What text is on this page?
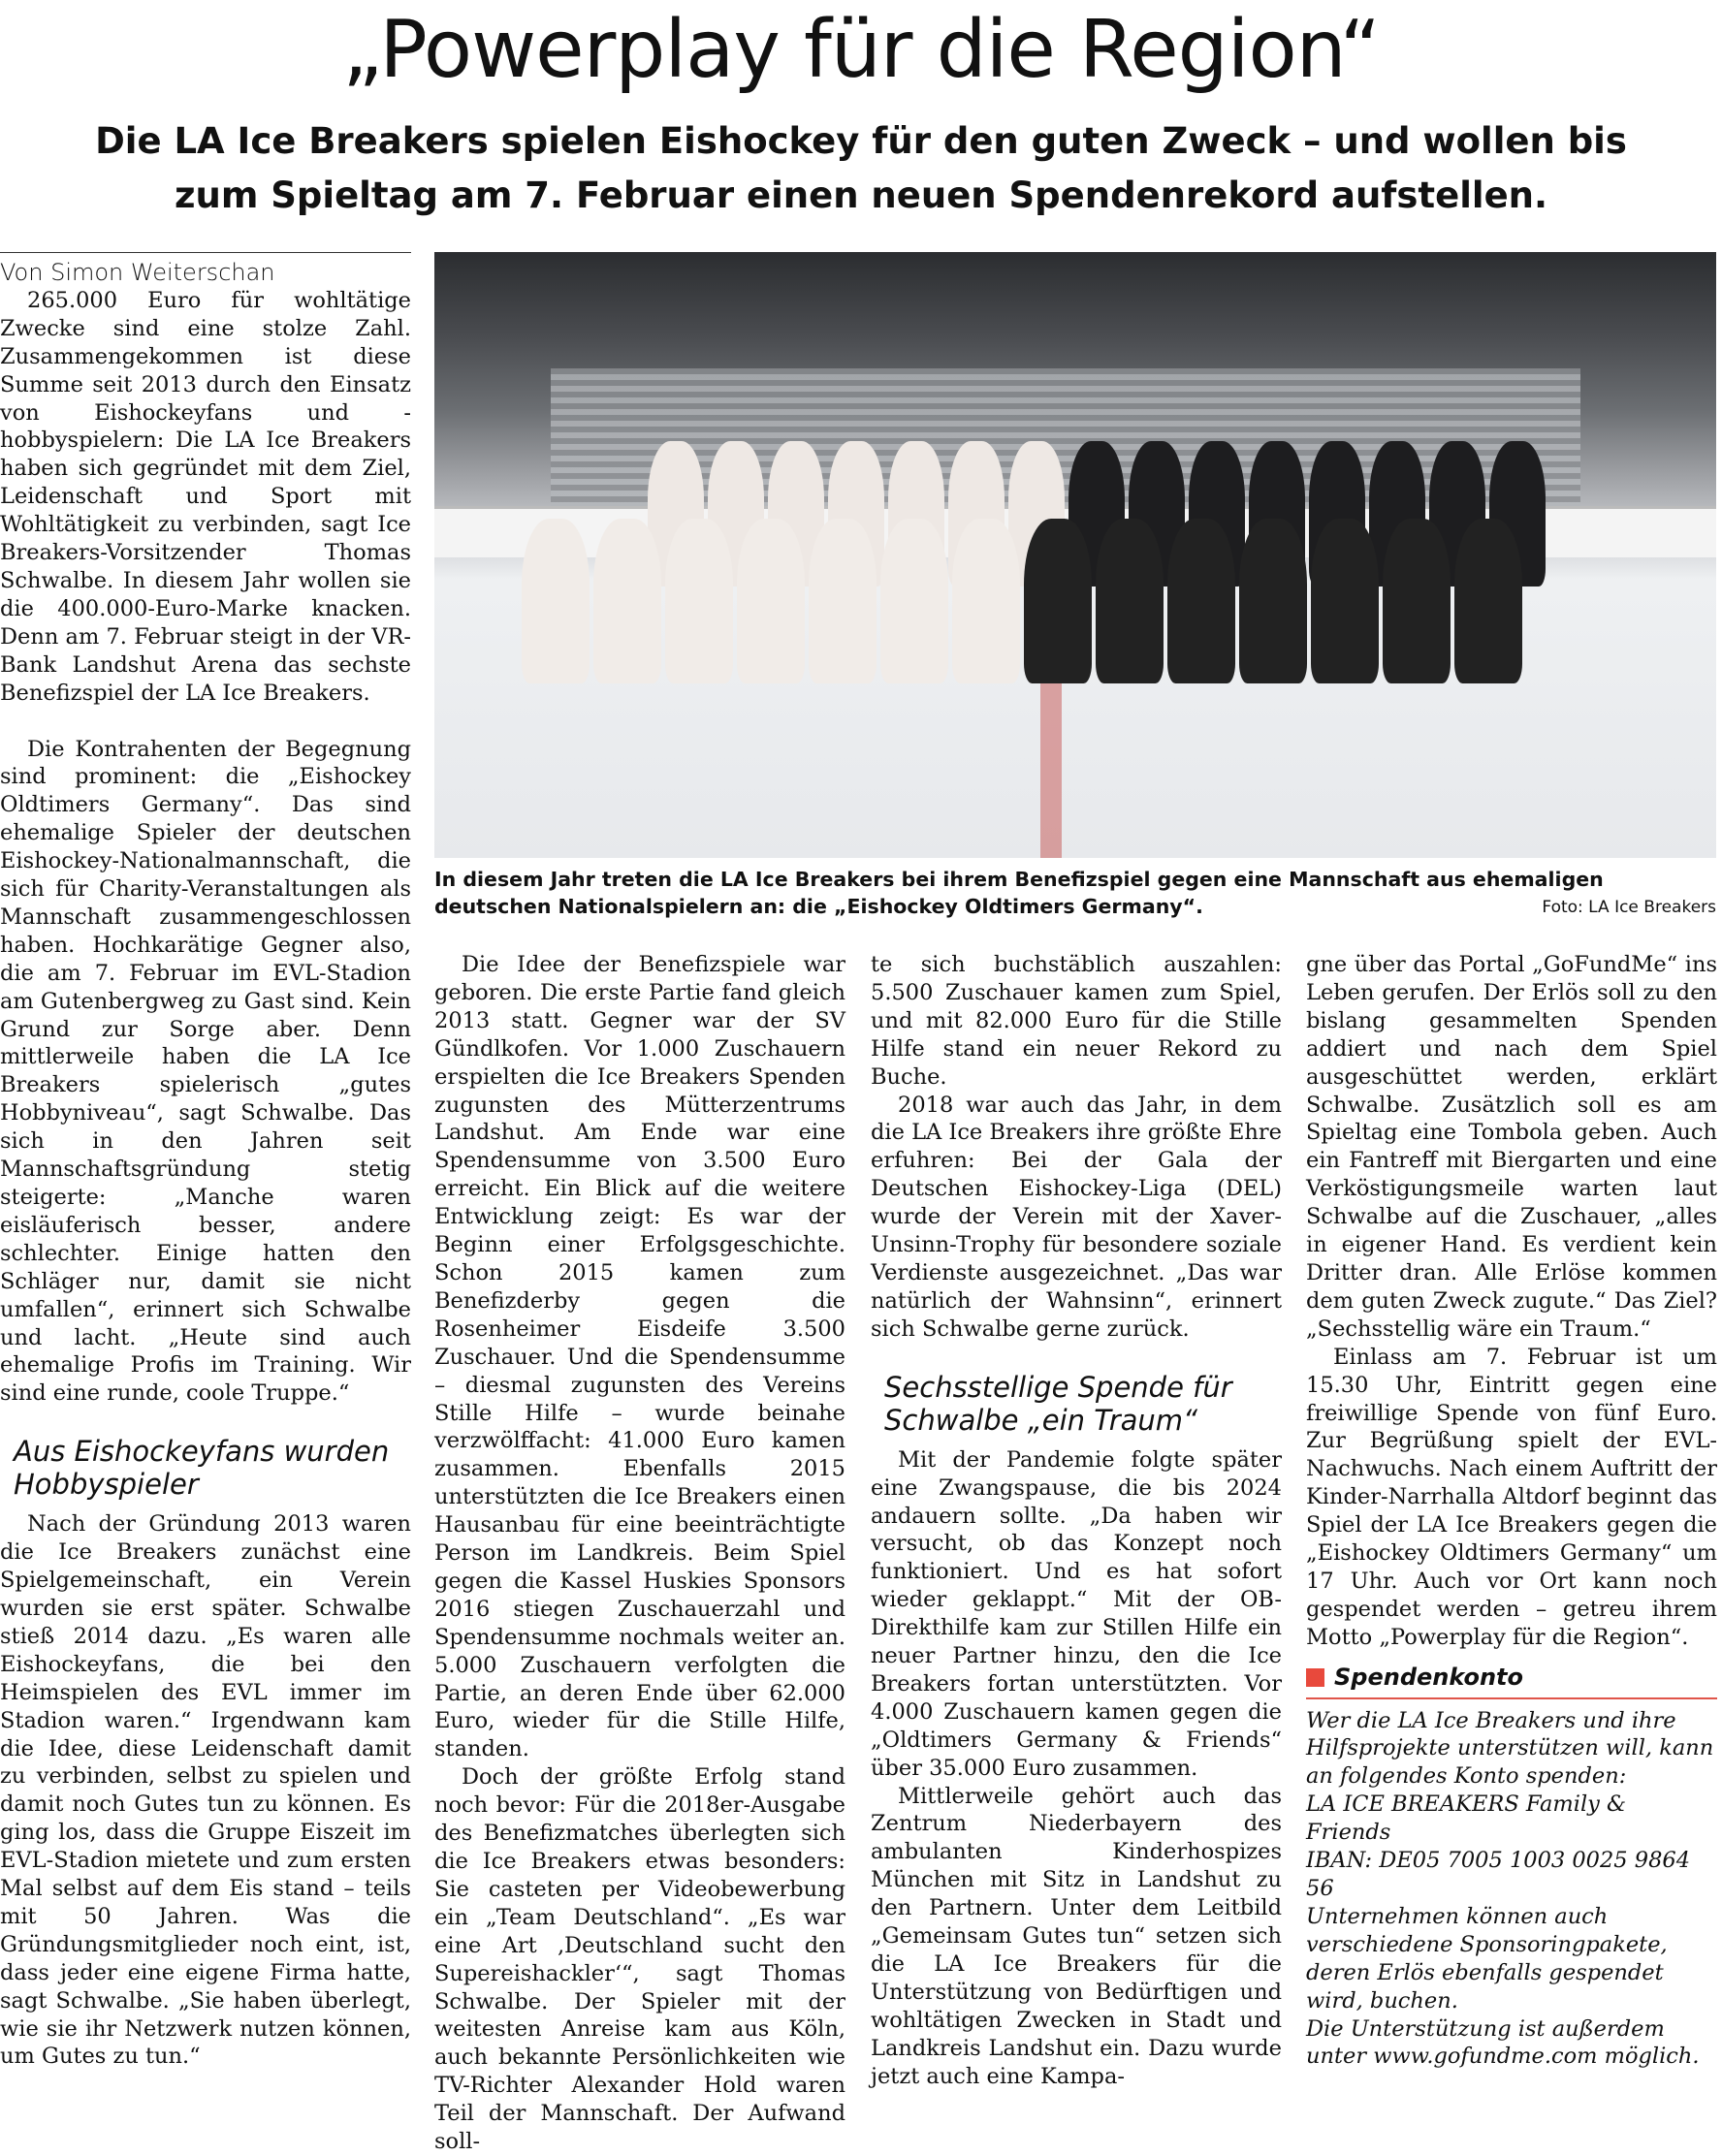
„Powerplay für die Region“
Die LA Ice Breakers spielen Eishockey für den guten Zweck – und wollen bis zum Spieltag am 7. Februar einen neuen Spendenrekord aufstellen.

Von Simon Weiterschan

265.000 Euro für wohltätige Zwecke sind eine stolze Zahl. Zusammengekommen ist diese Summe seit 2013 durch den Einsatz von Eishockeyfans und -hobbyspielern: Die LA Ice Breakers haben sich gegründet mit dem Ziel, Leidenschaft und Sport mit Wohltätigkeit zu verbinden, sagt Ice Breakers-Vorsitzender Thomas Schwalbe. In diesem Jahr wollen sie die 400.000-Euro-Marke knacken. Denn am 7. Februar steigt in der VR-Bank Landshut Arena das sechste Benefizspiel der LA Ice Breakers.

Die Kontrahenten der Begegnung sind prominent: die „Eishockey Oldtimers Germany“. Das sind ehemalige Spieler der deutschen Eishockey-Nationalmannschaft, die sich für Charity-Veranstaltungen als Mannschaft zusammengeschlossen haben. Hochkarätige Gegner also, die am 7. Februar im EVL-Stadion am Gutenbergweg zu Gast sind. Kein Grund zur Sorge aber. Denn mittlerweile haben die LA Ice Breakers spielerisch „gutes Hobbyniveau“, sagt Schwalbe. Das sich in den Jahren seit Mannschaftsgründung stetig steigerte: „Manche waren eisläuferisch besser, andere schlechter. Einige hatten den Schläger nur, damit sie nicht umfallen“, erinnert sich Schwalbe und lacht. „Heute sind auch ehemalige Profis im Training. Wir sind eine runde, coole Truppe.“

Aus Eishockeyfans wurden Hobbyspieler

Nach der Gründung 2013 waren die Ice Breakers zunächst eine Spielgemeinschaft, ein Verein wurden sie erst später. Schwalbe stieß 2014 dazu. „Es waren alle Eishockeyfans, die bei den Heimspielen des EVL immer im Stadion waren.“ Irgendwann kam die Idee, diese Leidenschaft damit zu verbinden, selbst zu spielen und damit noch Gutes tun zu können. Es ging los, dass die Gruppe Eiszeit im EVL-Stadion mietete und zum ersten Mal selbst auf dem Eis stand – teils mit 50 Jahren. Was die Gründungsmitglieder noch eint, ist, dass jeder eine eigene Firma hatte, sagt Schwalbe. „Sie haben überlegt, wie sie ihr Netzwerk nutzen können, um Gutes zu tun.“

In diesem Jahr treten die LA Ice Breakers bei ihrem Benefizspiel gegen eine Mannschaft aus ehemaligen deutschen Nationalspielern an: die „Eishockey Oldtimers Germany“.	Foto: LA Ice Breakers

Die Idee der Benefizspiele war geboren. Die erste Partie fand gleich 2013 statt. Gegner war der SV Gündlkofen. Vor 1.000 Zuschauern erspielten die Ice Breakers Spenden zugunsten des Mütterzentrums Landshut. Am Ende war eine Spendensumme von 3.500 Euro erreicht. Ein Blick auf die weitere Entwicklung zeigt: Es war der Beginn einer Erfolgsgeschichte. Schon 2015 kamen zum Benefizderby gegen die Rosenheimer Eisdeife 3.500 Zuschauer. Und die Spendensumme – diesmal zugunsten des Vereins Stille Hilfe – wurde beinahe verzwölffacht: 41.000 Euro kamen zusammen. Ebenfalls 2015 unterstützten die Ice Breakers einen Hausanbau für eine beeinträchtigte Person im Landkreis. Beim Spiel gegen die Kassel Huskies Sponsors 2016 stiegen Zuschauerzahl und Spendensumme nochmals weiter an. 5.000 Zuschauern verfolgten die Partie, an deren Ende über 62.000 Euro, wieder für die Stille Hilfe, standen.

Doch der größte Erfolg stand noch bevor: Für die 2018er-Ausgabe des Benefizmatches überlegten sich die Ice Breakers etwas besonders: Sie casteten per Videobewerbung ein „Team Deutschland“. „Es war eine Art ‚Deutschland sucht den Supereishackler‘“, sagt Thomas Schwalbe. Der Spieler mit der weitesten Anreise kam aus Köln, auch bekannte Persönlichkeiten wie TV-Richter Alexander Hold waren Teil der Mannschaft. Der Aufwand soll-

te sich buchstäblich auszahlen: 5.500 Zuschauer kamen zum Spiel, und mit 82.000 Euro für die Stille Hilfe stand ein neuer Rekord zu Buche.

2018 war auch das Jahr, in dem die LA Ice Breakers ihre größte Ehre erfuhren: Bei der Gala der Deutschen Eishockey-Liga (DEL) wurde der Verein mit der Xaver-Unsinn-Trophy für besondere soziale Verdienste ausgezeichnet. „Das war natürlich der Wahnsinn“, erinnert sich Schwalbe gerne zurück.

Sechsstellige Spende für Schwalbe „ein Traum“

Mit der Pandemie folgte später eine Zwangspause, die bis 2024 andauern sollte. „Da haben wir versucht, ob das Konzept noch funktioniert. Und es hat sofort wieder geklappt.“ Mit der OB-Direkthilfe kam zur Stillen Hilfe ein neuer Partner hinzu, den die Ice Breakers fortan unterstützten. Vor 4.000 Zuschauern kamen gegen die „Oldtimers Germany & Friends“ über 35.000 Euro zusammen.

Mittlerweile gehört auch das Zentrum Niederbayern des ambulanten Kinderhospizes München mit Sitz in Landshut zu den Partnern. Unter dem Leitbild „Gemeinsam Gutes tun“ setzen sich die LA Ice Breakers für die Unterstützung von Bedürftigen und wohltätigen Zwecken in Stadt und Landkreis Landshut ein. Dazu wurde jetzt auch eine Kampa-

gne über das Portal „GoFundMe“ ins Leben gerufen. Der Erlös soll zu den bislang gesammelten Spenden addiert und nach dem Spiel ausgeschüttet werden, erklärt Schwalbe. Zusätzlich soll es am Spieltag eine Tombola geben. Auch ein Fantreff mit Biergarten und eine Verköstigungsmeile warten laut Schwalbe auf die Zuschauer, „alles in eigener Hand. Es verdient kein Dritter dran. Alle Erlöse kommen dem guten Zweck zugute.“ Das Ziel? „Sechsstellig wäre ein Traum.“

Einlass am 7. Februar ist um 15.30 Uhr, Eintritt gegen eine freiwillige Spende von fünf Euro. Zur Begrüßung spielt der EVL-Nachwuchs. Nach einem Auftritt der Kinder-Narrhalla Altdorf beginnt das Spiel der LA Ice Breakers gegen die „Eishockey Oldtimers Germany“ um 17 Uhr. Auch vor Ort kann noch gespendet werden – getreu ihrem Motto „Powerplay für die Region“.

Spendenkonto
Wer die LA Ice Breakers und ihre Hilfsprojekte unterstützen will, kann an folgendes Konto spenden:
LA ICE BREAKERS Family & Friends
IBAN: DE05 7005 1003 0025 9864 56
Unternehmen können auch verschiedene Sponsoringpakete, deren Erlös ebenfalls gespendet wird, buchen.
Die Unterstützung ist außerdem unter www.gofundme.com möglich.
